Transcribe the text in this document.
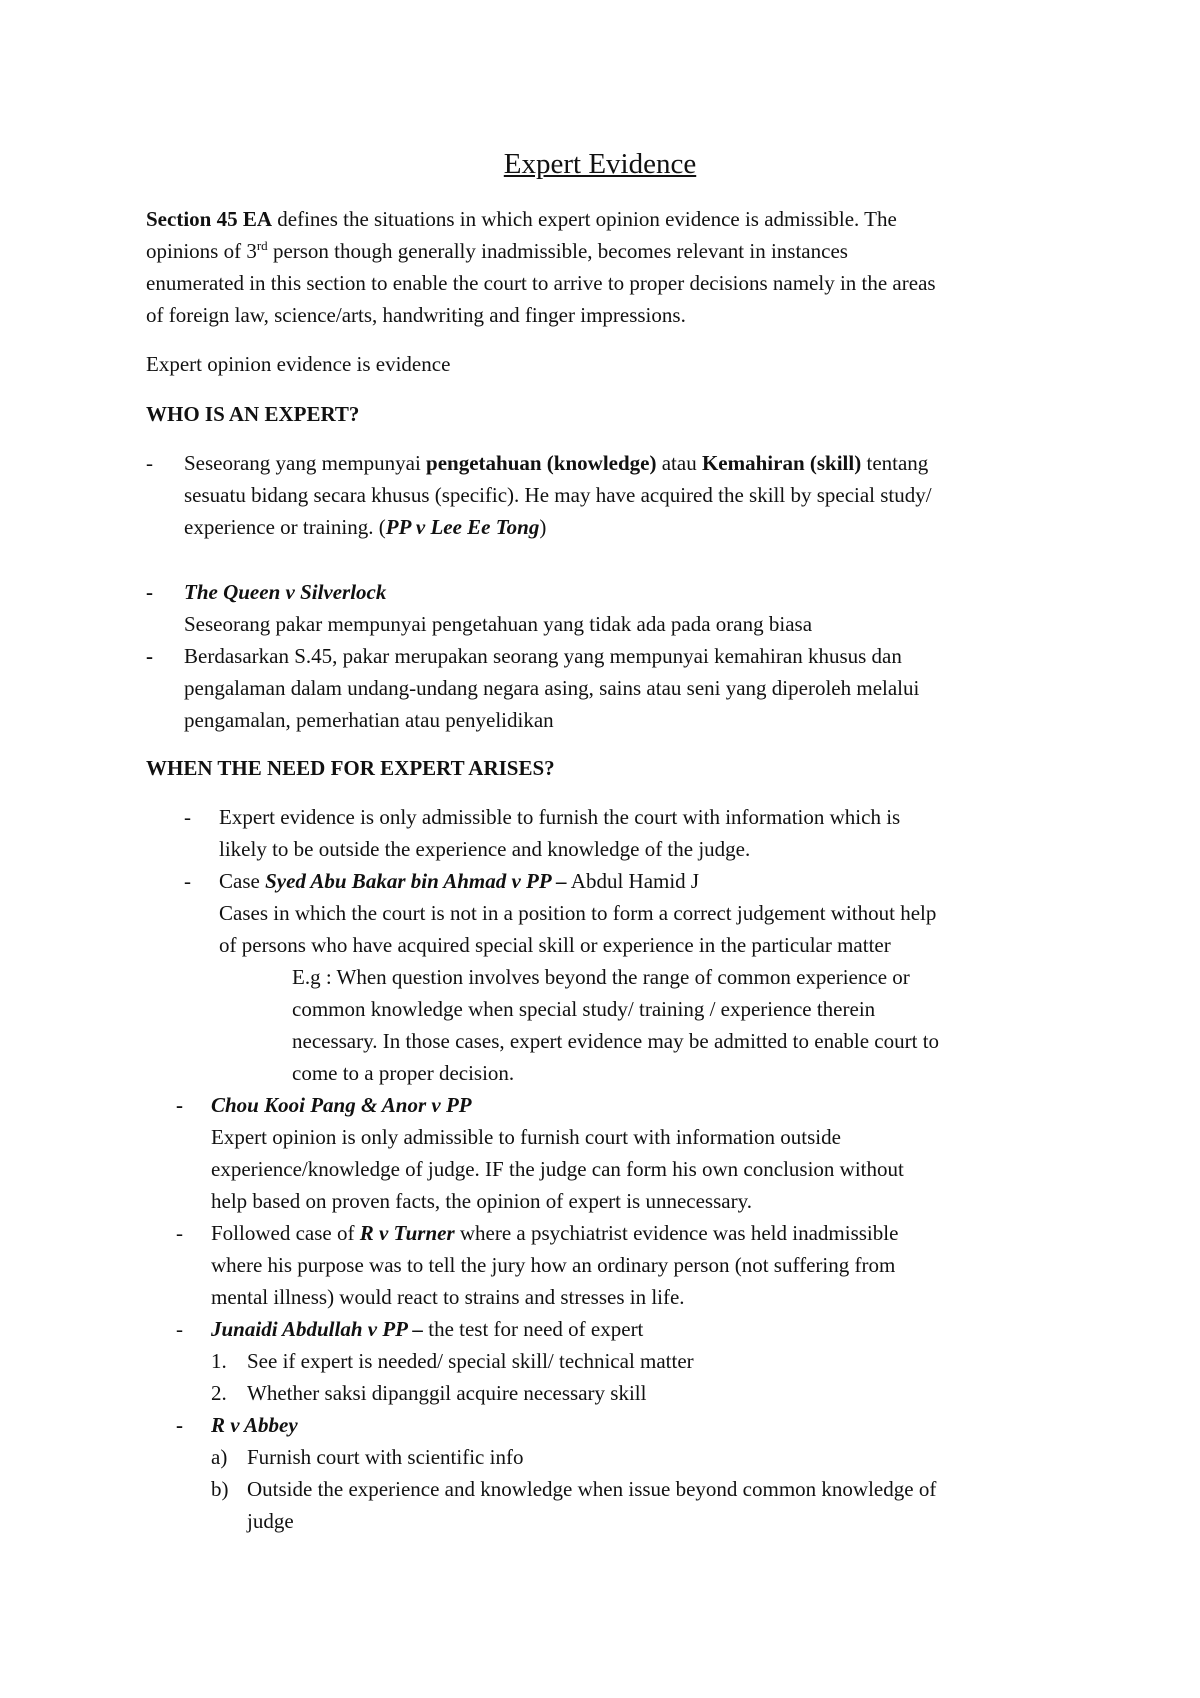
Expert Evidence
Section 45 EA defines the situations in which expert opinion evidence is admissible. The
opinions of 3rd person though generally inadmissible, becomes relevant in instances
enumerated in this section to enable the court to arrive to proper decisions namely in the areas
of foreign law, science/arts, handwriting and finger impressions.
Expert opinion evidence is evidence
WHO IS AN EXPERT?
- Seseorang yang mempunyai pengetahuan (knowledge) atau Kemahiran (skill) tentang
sesuatu bidang secara khusus (specific). He may have acquired the skill by special study/
experience or training. (PP v Lee Ee Tong)
- The Queen v Silverlock
Seseorang pakar mempunyai pengetahuan yang tidak ada pada orang biasa
- Berdasarkan S.45, pakar merupakan seorang yang mempunyai kemahiran khusus dan
pengalaman dalam undang-undang negara asing, sains atau seni yang diperoleh melalui
pengamalan, pemerhatian atau penyelidikan
WHEN THE NEED FOR EXPERT ARISES?
- Expert evidence is only admissible to furnish the court with information which is
likely to be outside the experience and knowledge of the judge.
- Case Syed Abu Bakar bin Ahmad v PP – Abdul Hamid J
Cases in which the court is not in a position to form a correct judgement without help
of persons who have acquired special skill or experience in the particular matter
E.g : When question involves beyond the range of common experience or
common knowledge when special study/ training / experience therein
necessary. In those cases, expert evidence may be admitted to enable court to
come to a proper decision.
- Chou Kooi Pang & Anor v PP
Expert opinion is only admissible to furnish court with information outside
experience/knowledge of judge. IF the judge can form his own conclusion without
help based on proven facts, the opinion of expert is unnecessary.
- Followed case of R v Turner where a psychiatrist evidence was held inadmissible
where his purpose was to tell the jury how an ordinary person (not suffering from
mental illness) would react to strains and stresses in life.
- Junaidi Abdullah v PP – the test for need of expert
1. See if expert is needed/ special skill/ technical matter
2. Whether saksi dipanggil acquire necessary skill
- R v Abbey
a) Furnish court with scientific info
b) Outside the experience and knowledge when issue beyond common knowledge of
judge
